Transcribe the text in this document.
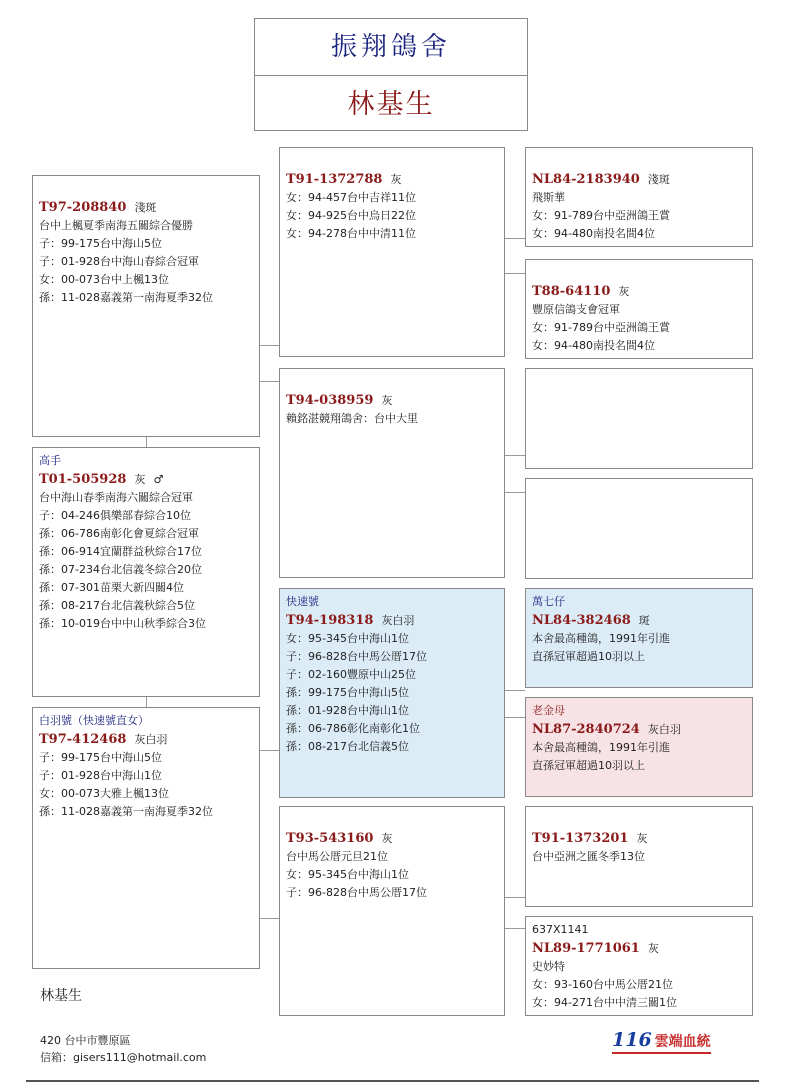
振翔鴿舍
林基生
T97-208840 淺斑
台中上楓夏季南海五關綜合優勝
子：99-175台中海山5位
子：01-928台中海山春綜合冠軍
女：00-073台中上楓13位
孫：11-028嘉義第一南海夏季32位
高手
T01-505928 灰 ♂
台中海山春季南海六關綜合冠軍
子：04-246俱樂部春綜合10位
孫：06-786南彰化會夏綜合冠軍
孫：06-914宜蘭群益秋綜合17位
孫：07-234台北信義冬綜合20位
孫：07-301苗栗大新四關4位
孫：08-217台北信義秋綜合5位
孫：10-019台中中山秋季綜合3位
白羽號（快速號直女）
T97-412468 灰白羽
子：99-175台中海山5位
子：01-928台中海山1位
女：00-073大雅上楓13位
孫：11-028嘉義第一南海夏季32位
T91-1372788 灰
女：94-457台中吉祥11位
女：94-925台中烏日22位
女：94-278台中中清11位
T94-038959 灰
賴銘湛競翔鴿舍：台中大里
快速號
T94-198318 灰白羽
女：95-345台中海山1位
子：96-828台中馬公厝17位
子：02-160豐原中山25位
孫：99-175台中海山5位
孫：01-928台中海山1位
孫：06-786彰化南彰化1位
孫：08-217台北信義5位
T93-543160 灰
台中馬公厝元旦21位
女：95-345台中海山1位
子：96-828台中馬公厝17位
NL84-2183940 淺斑
飛斯華
女：91-789台中亞洲鴿王賞
女：94-480南投名間4位
T88-64110 灰
豐原信鴿支會冠軍
女：91-789台中亞洲鴿王賞
女：94-480南投名間4位
萬七仔
NL84-382468 斑
本舍最高種鴿，1991年引進
直孫冠軍超過10羽以上
老金母
NL87-2840724 灰白羽
本舍最高種鴿，1991年引進
直孫冠軍超過10羽以上
T91-1373201 灰
台中亞洲之匯冬季13位
637X1141
NL89-1771061 灰
史妙特
女：93-160台中馬公厝21位
女：94-271台中中清三關1位
林基生
420 台中市豐原區
信箱：gisers111@hotmail.com
116 雲端血統
